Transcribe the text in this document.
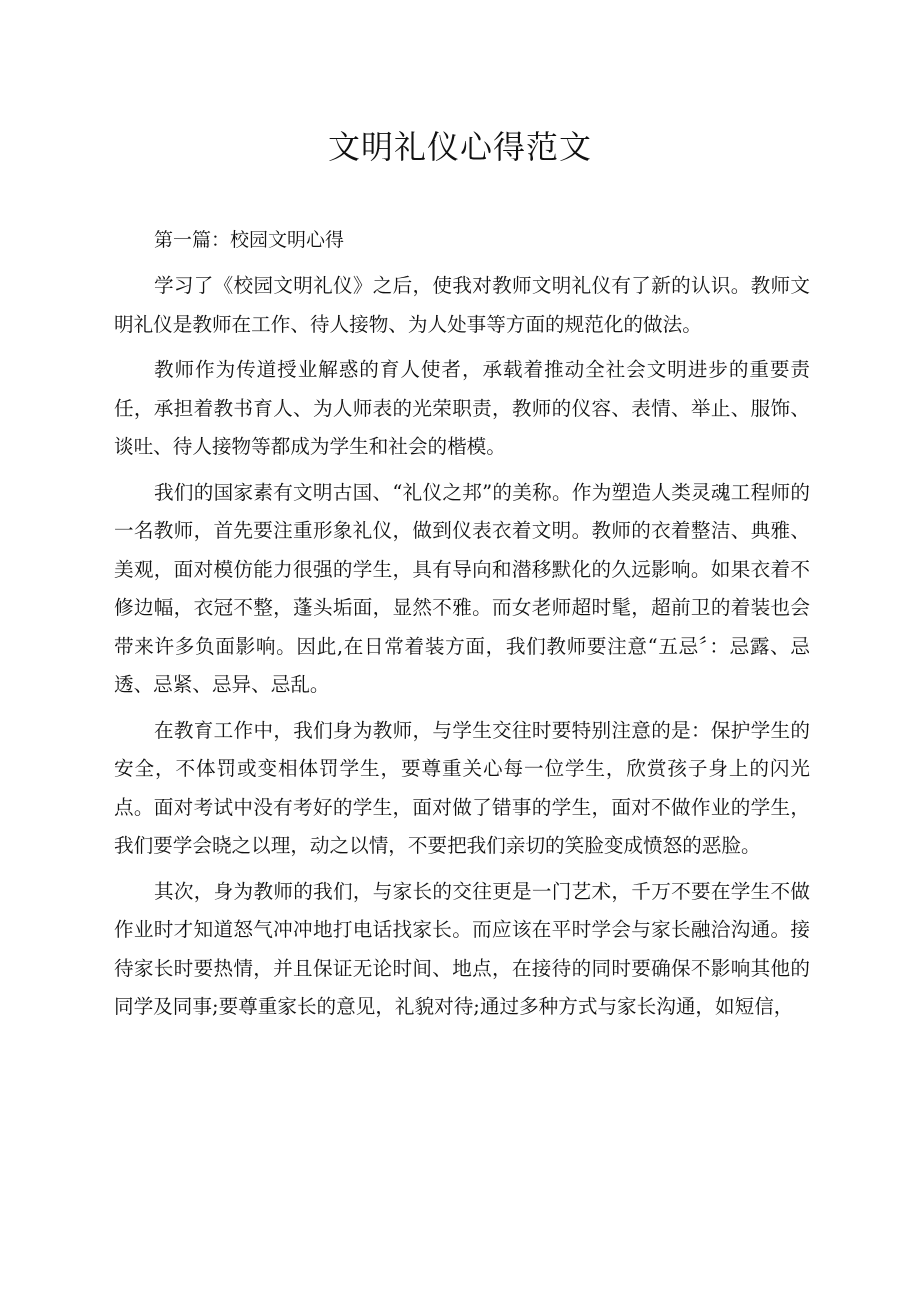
文明礼仪心得范文
第一篇：校园文明心得

学习了《校园文明礼仪》之后，使我对教师文明礼仪有了新的认识。教师文明礼仪是教师在工作、待人接物、为人处事等方面的规范化的做法。

教师作为传道授业解惑的育人使者，承载着推动全社会文明进步的重要责任，承担着教书育人、为人师表的光荣职责，教师的仪容、表情、举止、服饰、谈吐、待人接物等都成为学生和社会的楷模。

我们的国家素有文明古国、“礼仪之邦”的美称。作为塑造人类灵魂工程师的一名教师，首先要注重形象礼仪，做到仪表衣着文明。教师的衣着整洁、典雅、美观，面对模仿能力很强的学生，具有导向和潜移默化的久远影响。如果衣着不修边幅，衣冠不整，蓬头垢面，显然不雅。而女老师超时髦，超前卫的着装也会带来许多负面影响。因此,在日常着装方面，我们教师要注意“五忌〞：忌露、忌透、忌紧、忌异、忌乱。

在教育工作中，我们身为教师，与学生交往时要特别注意的是：保护学生的安全，不体罚或变相体罚学生，要尊重关心每一位学生，欣赏孩子身上的闪光点。面对考试中没有考好的学生，面对做了错事的学生，面对不做作业的学生，我们要学会晓之以理，动之以情，不要把我们亲切的笑脸变成愤怒的恶脸。

其次，身为教师的我们，与家长的交往更是一门艺术，千万不要在学生不做作业时才知道怒气冲冲地打电话找家长。而应该在平时学会与家长融洽沟通。接待家长时要热情，并且保证无论时间、地点，在接待的同时要确保不影响其他的同学及同事;要尊重家长的意见，礼貌对待;通过多种方式与家长沟通，如短信，
